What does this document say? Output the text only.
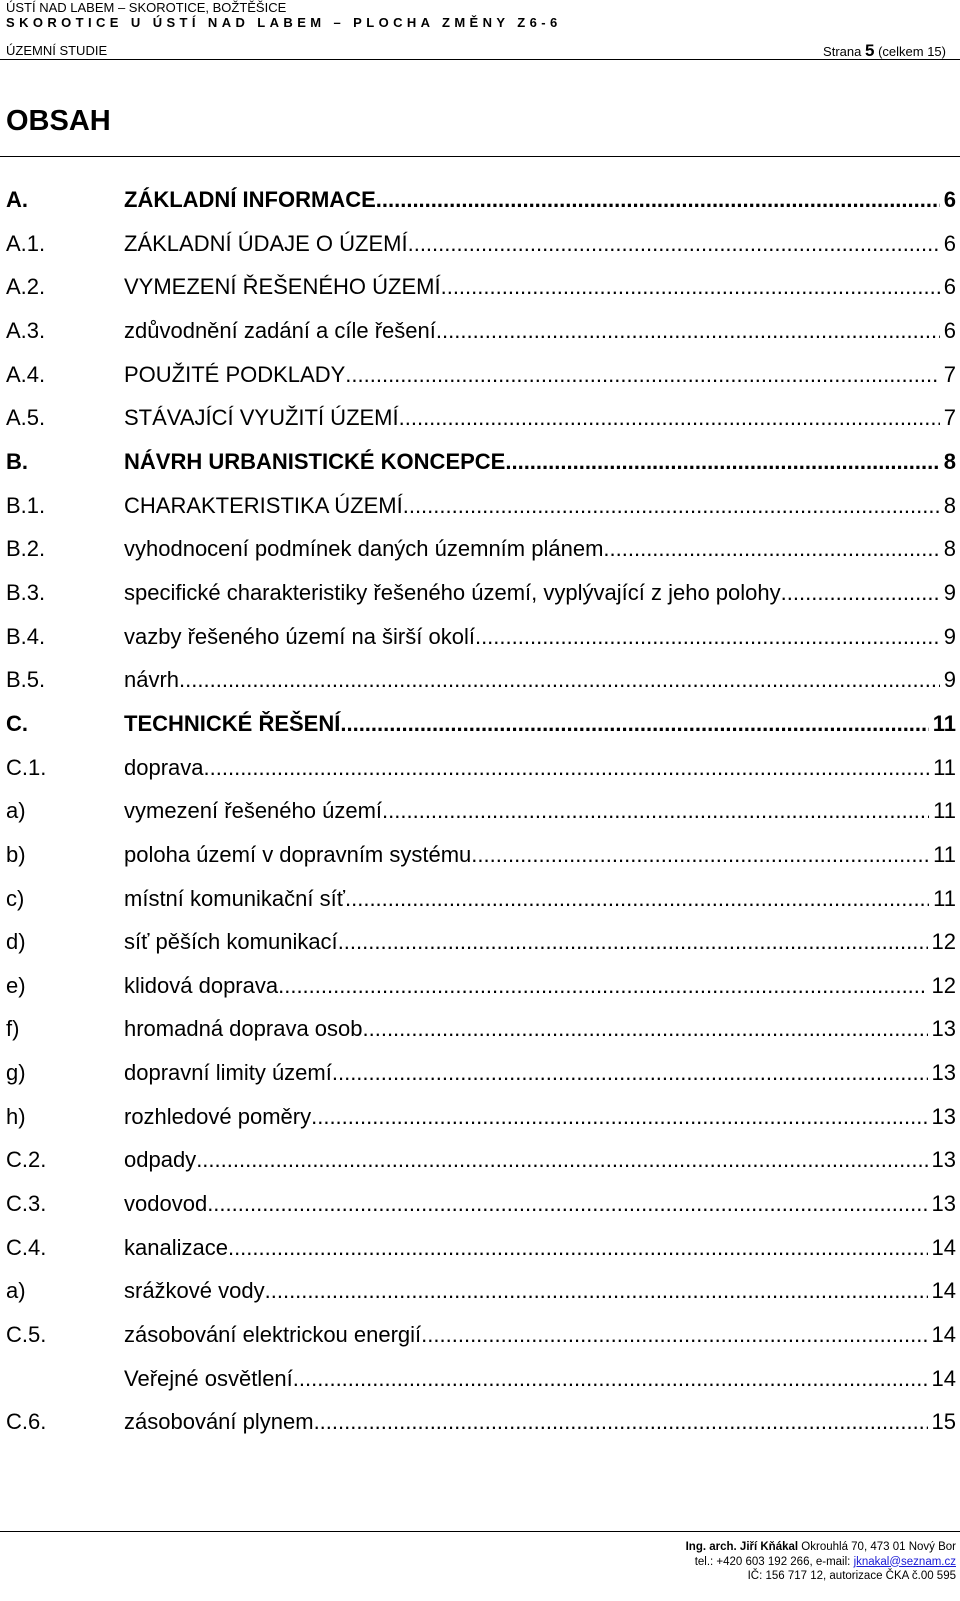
ÚSTÍ NAD LABEM – SKOROTICE, BOŽTĚŠICE
SKOROTICE U ÚSTÍ NAD LABEM – PLOCHA ZMĚNY Z6-6
ÚZEMNÍ STUDIE	Strana 5 (celkem 15)
OBSAH
A.	ZÁKLADNÍ INFORMACE .....	6
A.1.	ZÁKLADNÍ ÚDAJE O ÚZEMÍ .....	6
A.2.	VYMEZENÍ ŘEŠENÉHO ÚZEMÍ .....	6
A.3.	zdůvodnění zadání a cíle řešení .....	6
A.4.	POUŽITÉ PODKLADY .....	7
A.5.	STÁVAJÍCÍ VYUŽITÍ ÚZEMÍ .....	7
B.	NÁVRH URBANISTICKÉ KONCEPCE .....	8
B.1.	CHARAKTERISTIKA ÚZEMÍ .....	8
B.2.	vyhodnocení podmínek daných územním plánem .....	8
B.3.	specifické charakteristiky řešeného území, vyplývající z jeho polohy .....	9
B.4.	vazby řešeného území na širší okolí .....	9
B.5.	návrh .....	9
C.	TECHNICKÉ ŘEŠENÍ .....	11
C.1.	doprava .....	11
a)	vymezení řešeného území .....	11
b)	poloha území v dopravním systému .....	11
c)	místní komunikační síť .....	11
d)	síť pěších komunikací .....	12
e)	klidová doprava .....	12
f)	hromadná doprava osob .....	13
g)	dopravní limity území .....	13
h)	rozhledové poměry .....	13
C.2.	odpady .....	13
C.3.	vodovod .....	13
C.4.	kanalizace .....	14
a)	srážkové vody .....	14
C.5.	zásobování elektrickou energií .....	14
Veřejné osvětlení .....	14
C.6.	zásobování plynem .....	15
Ing. arch. Jiří Kňákal Okrouhlá 70, 473 01 Nový Bor
tel.: +420 603 192 266, e-mail: jknakal@seznam.cz
IČ: 156 717 12, autorizace ČKA č.00 595
